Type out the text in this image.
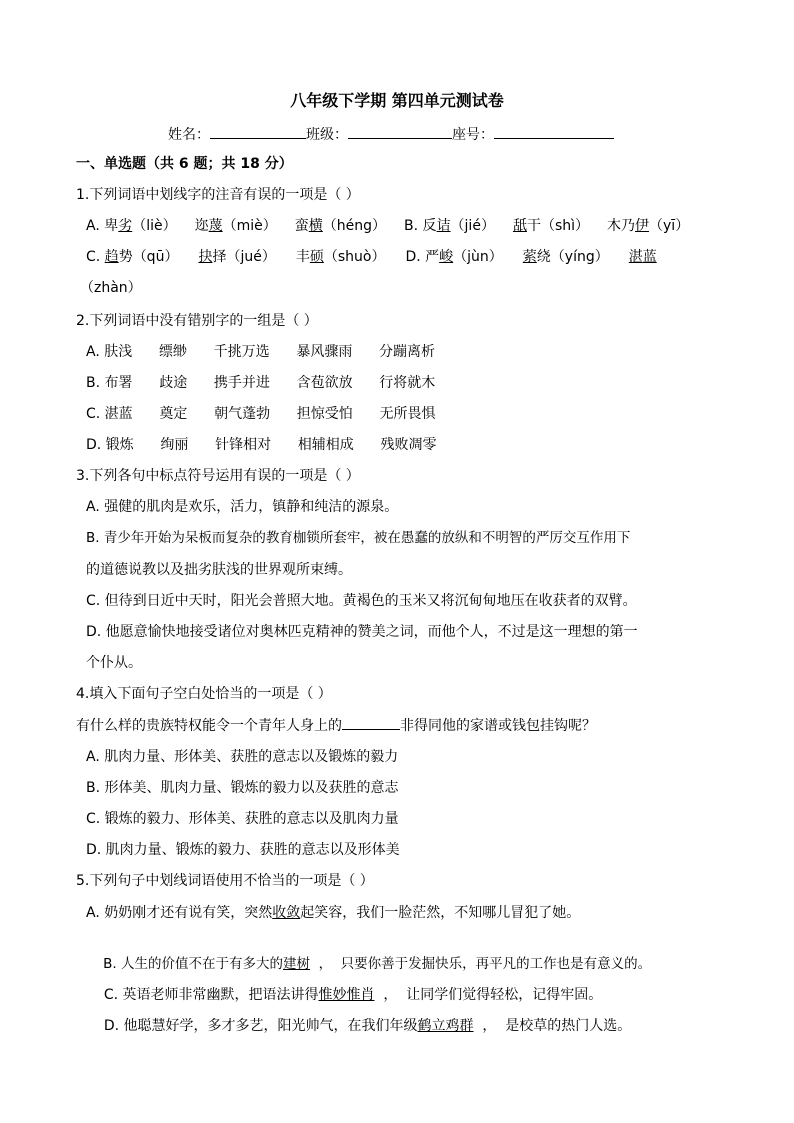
八年级下学期 第四单元测试卷
姓名：	班级：	座号：
一、单选题（共 6 题；共 18 分）
1.下列词语中划线字的注音有误的一项是（ ）
A. 卑劣（liè） 迩蔑（miè） 蛮横（héng） B. 反诘（jié） 舐干（shì） 木乃伊（yī）
C. 趋势（qū） 抉择（jué） 丰硕（shuò） D. 严峻（jùn） 萦绕（yíng） 湛蓝
（zhàn）
2.下列词语中没有错别字的一组是（ ）
A. 肤浅      缥缈      千挑万选      暴风骤雨      分蹦离析
B. 布署      歧途      携手并进      含苞欲放      行将就木
C. 湛蓝      奠定      朝气蓬勃      担惊受怕      无所畏惧
D. 锻炼      绚丽      针锋相对      相辅相成      残败凋零
3.下列各句中标点符号运用有误的一项是（ ）
A. 强健的肌肉是欢乐，活力，镇静和纯洁的源泉。
B. 青少年开始为呆板而复杂的教育枷锁所套牢，被在愚蠢的放纵和不明智的严厉交互作用下
的道德说教以及拙劣肤浅的世界观所束缚。
C. 但待到日近中天时，阳光会普照大地。黄褐色的玉米又将沉甸甸地压在收获者的双臂。
D. 他愿意愉快地接受诸位对奥林匹克精神的赞美之词，而他个人，不过是这一理想的第一
个仆从。
4.填入下面句子空白处恰当的一项是（ ）
有什么样的贵族特权能令一个青年人身上的	非得同他的家谱或钱包挂钩呢？
A. 肌肉力量、形体美、获胜的意志以及锻炼的毅力
B. 形体美、肌肉力量、锻炼的毅力以及获胜的意志
C. 锻炼的毅力、形体美、获胜的意志以及肌肉力量
D. 肌肉力量、锻炼的毅力、获胜的意志以及形体美
5.下列句子中划线词语使用不恰当的一项是（ ）
A. 奶奶刚才还有说有笑，突然收敛起笑容，我们一脸茫然，不知哪儿冒犯了她。

B. 人生的价值不在于有多大的建树  ，  只要你善于发掘快乐，再平凡的工作也是有意义的。

C. 英语老师非常幽默，把语法讲得惟妙惟肖  ，  让同学们觉得轻松，记得牢固。

D. 他聪慧好学，多才多艺，阳光帅气，在我们年级鹤立鸡群  ，  是校草的热门人选。
